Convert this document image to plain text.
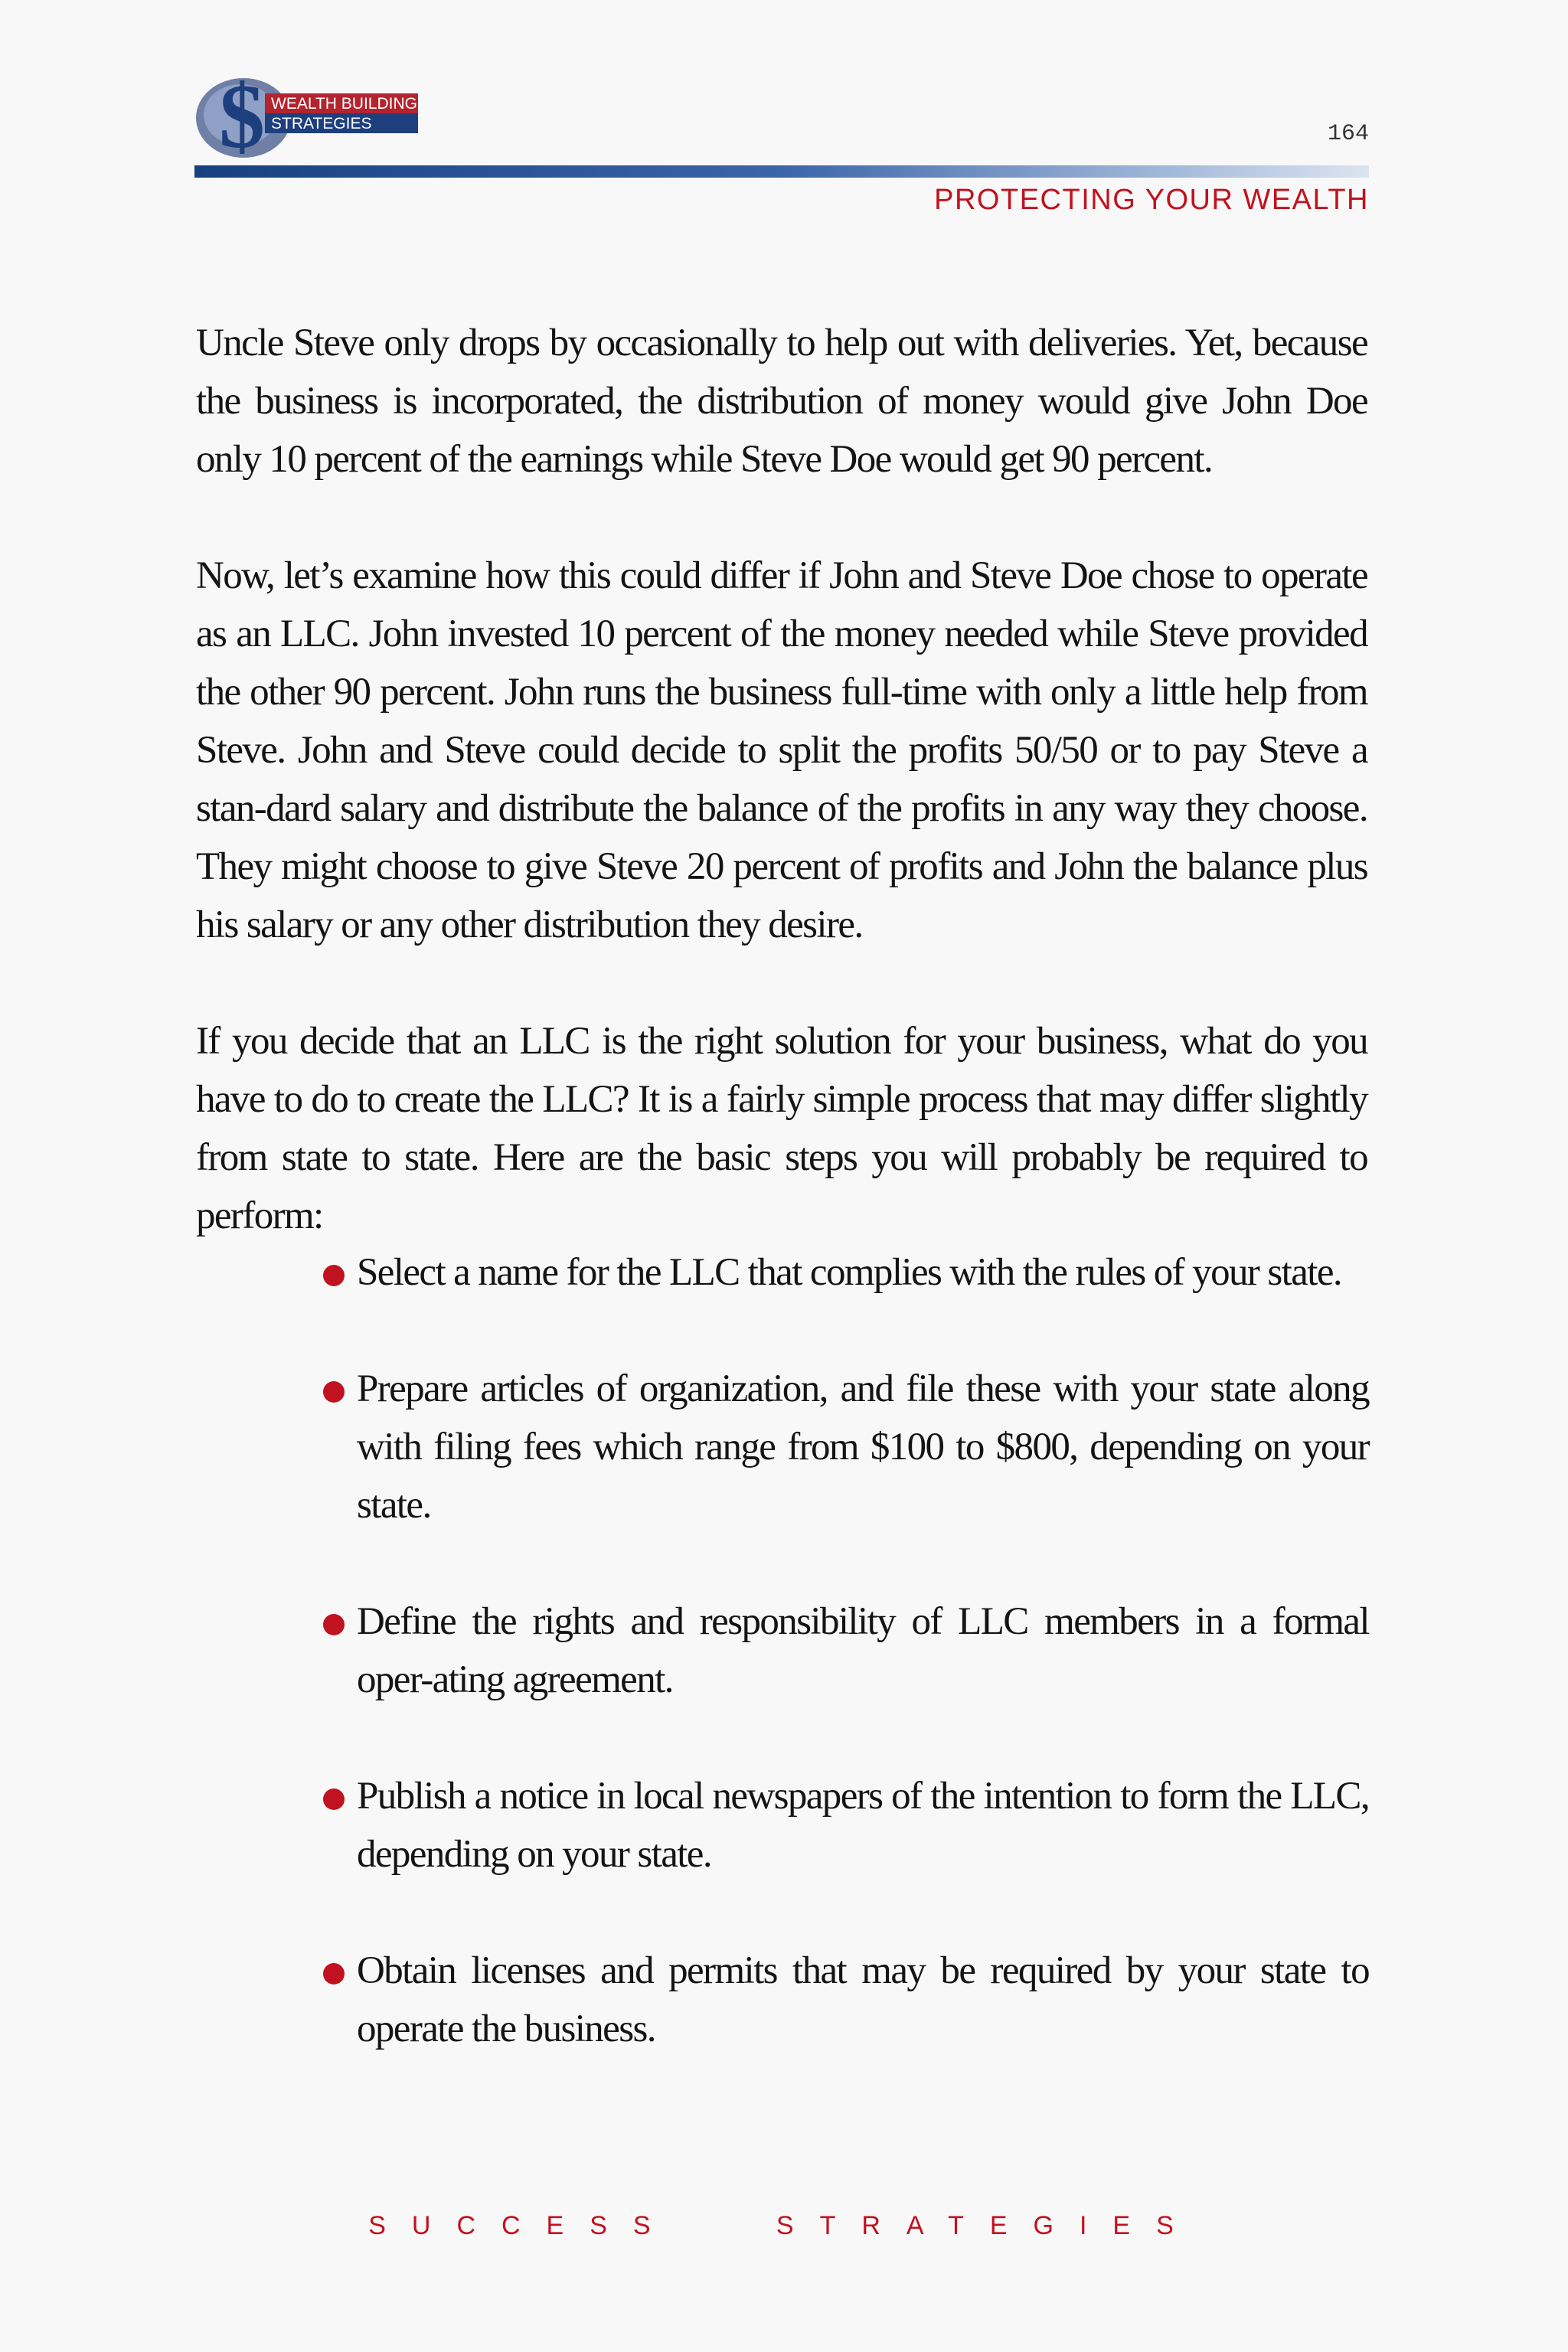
$ WEALTH BUILDING
STRATEGIES	164
PROTECTING YOUR WEALTH

Uncle Steve only drops by occasionally to help out with deliveries. Yet, because the business is incorporated, the distribution of money would give John Doe only 10 percent of the earnings while Steve Doe would get 90 percent.

Now, let’s examine how this could differ if John and Steve Doe chose to operate as an LLC. John invested 10 percent of the money needed while Steve provided the other 90 percent. John runs the business full-time with only a little help from Steve. John and Steve could decide to split the profits 50/50 or to pay Steve a stan-dard salary and distribute the balance of the profits in any way they choose. They might choose to give Steve 20 percent of profits and John the balance plus his salary or any other distribution they desire.

If you decide that an LLC is the right solution for your business, what do you have to do to create the LLC? It is a fairly simple process that may differ slightly from state to state. Here are the basic steps you will probably be required to perform:

Select a name for the LLC that complies with the rules of your state.
Prepare articles of organization, and file these with your state along with filing fees which range from $100 to $800, depending on your state.
Define the rights and responsibility of LLC members in a formal oper-ating agreement.
Publish a notice in local newspapers of the intention to form the LLC, depending on your state.
Obtain licenses and permits that may be required by your state to operate the business.
SUCCESS   STRATEGIES
